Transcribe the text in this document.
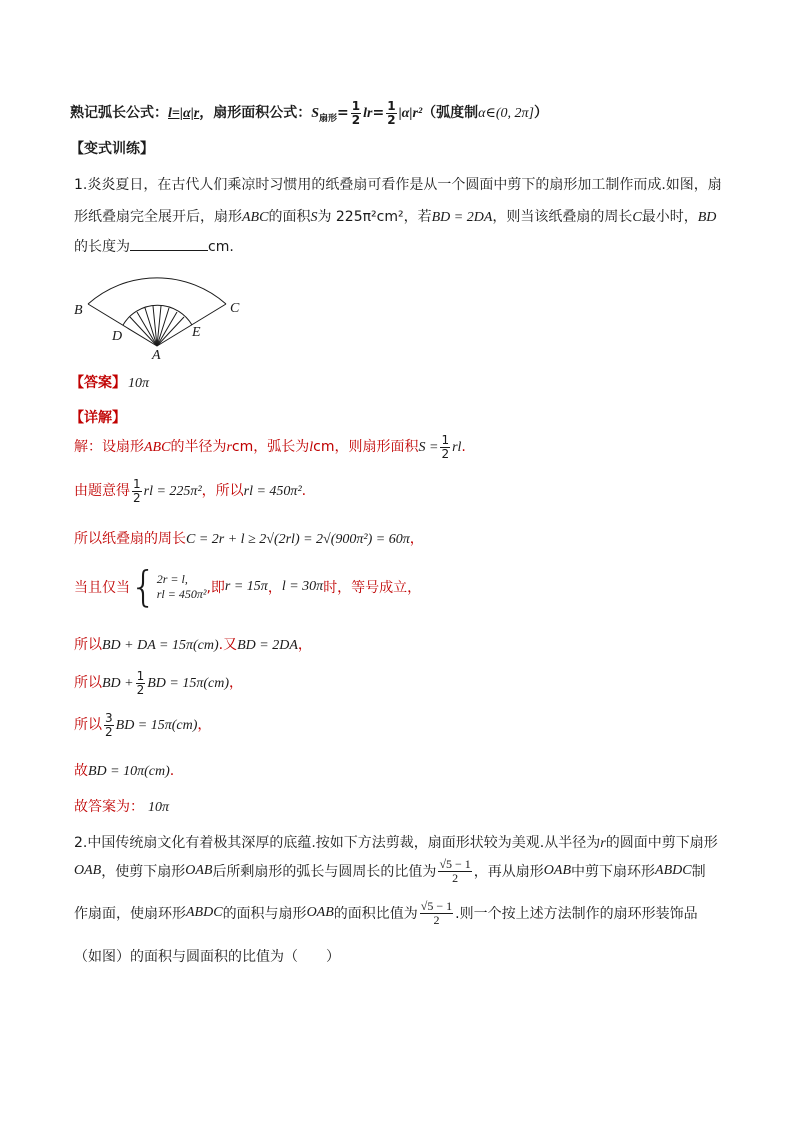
熟记弧长公式：l=|α|r，扇形面积公式：$S_{扇形}= \frac{1}{2} lr= \frac{1}{2} |\alpha|r^2$（弧度制α∈(0, 2π]）
【变式训练】
1.炎炎夏日，在古代人们乘凉时习惯用的纸叠扇可看作是从一个圆面中剪下的扇形加工制作而成.如图，扇
形纸叠扇完全展开后，扇形ABC的面积S为 225π²cm²，若BD = 2DA，则当该纸叠扇的周长C最小时，BD
的长度为	cm.
B	C
D	E
A
【答案】 10π
【详解】
解：设扇形ABC的半径为rcm，弧长为lcm，则扇形面积$S = \frac{1}{2}$ rl.
由题意得 $\frac{1}{2}$ rl = 225π²，所以rl = 450π².
所以纸叠扇的周长C = 2r + l ≥ 2√(2rl) = 2√(900π²) = 60π，
当且仅当{ 2r = l,
rl = 450π² ,即r = 15π，l = 30π时，等号成立，
所以BD + DA = 15π(cm).又BD = 2DA，
所以BD + $\frac{1}{2}$ BD = 15π(cm)，
所以 $\frac{3}{2}$ BD = 15π(cm)，
故BD = 10π(cm).
故答案为： 10π
2.中国传统扇文化有着极其深厚的底蕴.按如下方法剪裁，扇面形状较为美观.从半径为r的圆面中剪下扇形
OAB，使剪下扇形OAB后所剩扇形的弧长与圆周长的比值为 $\frac{√5 - 1}{2}$ ，再从扇形OAB中剪下扇环形ABDC制
作扇面，使扇环形ABDC的面积与扇形OAB的面积比值为 $\frac{√5 - 1}{2}$ .则一个按上述方法制作的扇环形装饰品
（如图）的面积与圆面积的比值为（　　）
